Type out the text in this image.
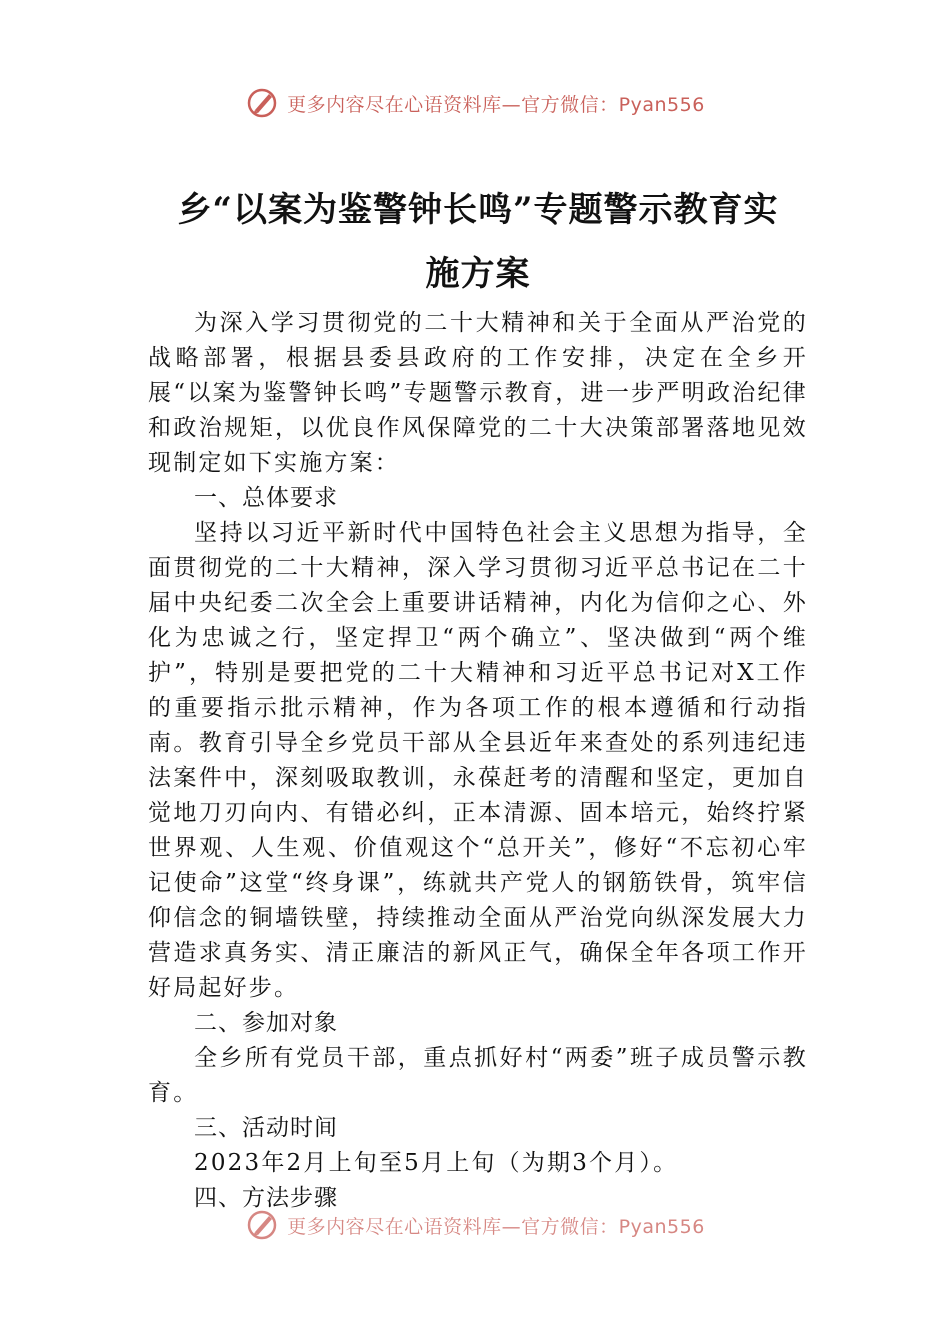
更多内容尽在心语资料库—官方微信：Pyan556
乡“以案为鉴警钟长鸣”专题警示教育实
施方案

为深入学习贯彻党的二十大精神和关于全面从严治党的战略部署，根据县委县政府的工作安排，决定在全乡开展“以案为鉴警钟长鸣”专题警示教育，进一步严明政治纪律和政治规矩，以优良作风保障党的二十大决策部署落地见效现制定如下实施方案：

一、总体要求

坚持以习近平新时代中国特色社会主义思想为指导，全面贯彻党的二十大精神，深入学习贯彻习近平总书记在二十届中央纪委二次全会上重要讲话精神，内化为信仰之心、外化为忠诚之行，坚定捍卫“两个确立”、坚决做到“两个维护”，特别是要把党的二十大精神和习近平总书记对X工作的重要指示批示精神，作为各项工作的根本遵循和行动指南。教育引导全乡党员干部从全县近年来查处的系列违纪违法案件中，深刻吸取教训，永葆赶考的清醒和坚定，更加自觉地刀刃向内、有错必纠，正本清源、固本培元，始终拧紧世界观、人生观、价值观这个“总开关”，修好“不忘初心牢记使命”这堂“终身课”，练就共产党人的钢筋铁骨，筑牢信仰信念的铜墙铁壁，持续推动全面从严治党向纵深发展大力营造求真务实、清正廉洁的新风正气，确保全年各项工作开好局起好步。

二、参加对象

全乡所有党员干部，重点抓好村“两委”班子成员警示教育。

三、活动时间

2023年2月上旬至5月上旬（为期3个月）。

四、方法步骤
更多内容尽在心语资料库—官方微信：Pyan556
